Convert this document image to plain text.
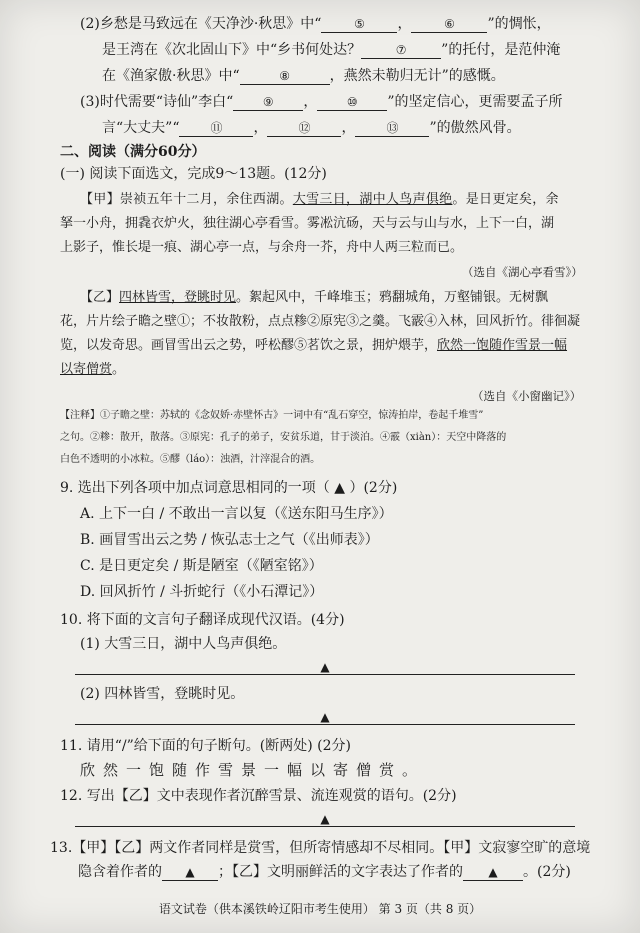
(2)乡愁是马致远在《天净沙·秋思》中“	⑤ ，	⑥ ”的惆怅，
是王湾在《次北固山下》中“乡书何处达？	⑦ ”的托付，是范仲淹
在《渔家傲·秋思》中“	⑧	，燕然未勒归无计”的感慨。
(3)时代需要“诗仙”李白“ ⑨ ， ⑩ ”的坚定信心，更需要孟子所
言“大丈夫”“	⑪ ，	⑫ ，	⑬ ”的傲然风骨。
二、阅读（满分60分）
(一) 阅读下面选文，完成9～13题。(12分)
【甲】崇祯五年十二月，余住西湖。大雪三日，湖中人鸟声俱绝。是日更定矣，余
拏一小舟，拥毳衣炉火，独往湖心亭看雪。雾凇沆砀，天与云与山与水，上下一白，湖
上影子，惟长堤一痕、湖心亭一点，与余舟一芥，舟中人两三粒而已。
（选自《湖心亭看雪》）
【乙】四林皆雪，登眺时见。絮起风中，千峰堆玉；鸦翻城角，万壑铺银。无树飘
花，片片绘子瞻之壁①；不妆散粉，点点糁②原宪③之羹。飞霰④入林，回风折竹。徘徊凝
览，以发奇思。画冒雪出云之势，呼松醪⑤茗饮之景，拥炉煨芋，欣然一饱随作雪景一幅
以寄僧赏。
（选自《小窗幽记》）
【注释】①子瞻之壁：苏轼的《念奴娇·赤壁怀古》一词中有“乱石穿空，惊涛拍岸，卷起千堆雪”
之句。②糁：散开，散落。③原宪：孔子的弟子，安贫乐道，甘于淡泊。④霰（xiàn）：天空中降落的
白色不透明的小冰粒。⑤醪（láo）：浊酒，汁滓混合的酒。
9. 选出下列各项中加点词意思相同的一项（ ▲ ）(2分)
A. 上下一白 / 不敢出一言以复（《送东阳马生序》）
B. 画冒雪出云之势 / 恢弘志士之气（《出师表》）
C. 是日更定矣 / 斯是陋室（《陋室铭》）
D. 回风折竹 / 斗折蛇行（《小石潭记》）
10. 将下面的文言句子翻译成现代汉语。(4分)
(1) 大雪三日，湖中人鸟声俱绝。
▲
(2) 四林皆雪，登眺时见。
▲
11. 请用“/”给下面的句子断句。(断两处) (2分)
欣然一饱随作雪景一幅以寄僧赏。
12. 写出【乙】文中表现作者沉醉雪景、流连观赏的语句。(2分)
▲
13.【甲】【乙】两文作者同样是赏雪，但所寄情感却不尽相同。【甲】文寂寥空旷的意境
隐含着作者的 ▲ ；【乙】文明丽鲜活的文字表达了作者的 ▲ 。(2分)
语文试卷（供本溪铁岭辽阳市考生使用） 第 3 页（共 8 页）
